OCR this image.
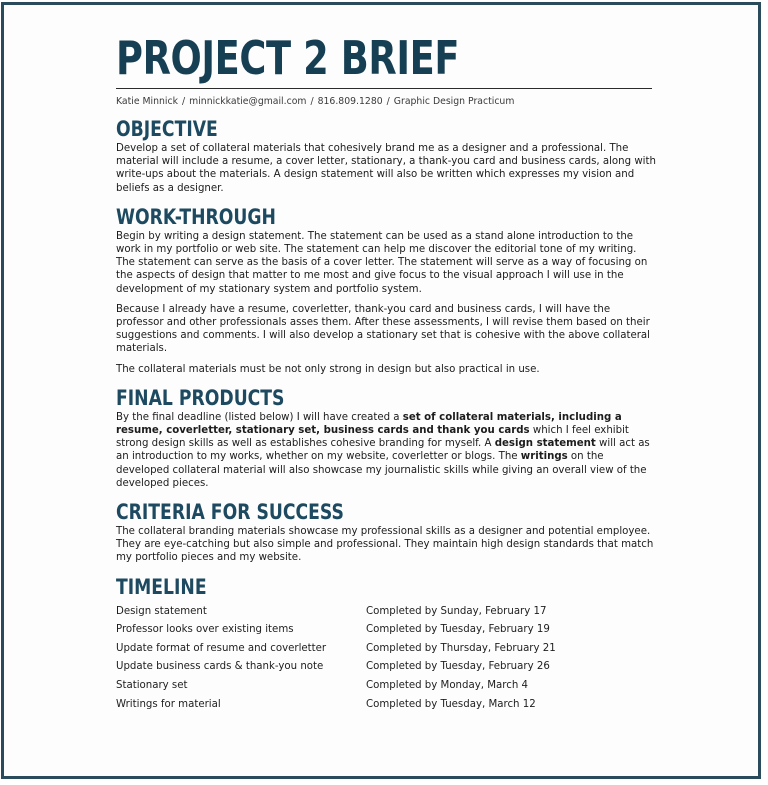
PROJECT 2 BRIEF
Katie Minnick / minnickkatie@gmail.com / 816.809.1280 / Graphic Design Practicum
OBJECTIVE

Develop a set of collateral materials that cohesively brand me as a designer and a professional. The material will include a resume, a cover letter, stationary, a thank-you card and business cards, along with write-ups about the materials. A design statement will also be written which expresses my vision and beliefs as a designer.

WORK-THROUGH

Begin by writing a design statement. The statement can be used as a stand alone introduction to the work in my portfolio or web site. The statement can help me discover the editorial tone of my writing. The statement can serve as the basis of a cover letter. The statement will serve as a way of focusing on the aspects of design that matter to me most and give focus to the visual approach I will use in the development of my stationary system and portfolio system.

Because I already have a resume, coverletter, thank-you card and business cards, I will have the professor and other professionals asses them. After these assessments, I will revise them based on their suggestions and comments. I will also develop a stationary set that is cohesive with the above collateral materials.

The collateral materials must be not only strong in design but also practical in use.

FINAL PRODUCTS

By the final deadline (listed below) I will have created a set of collateral materials, including a resume, coverletter, stationary set, business cards and thank you cards which I feel exhibit strong design skills as well as establishes cohesive branding for myself. A design statement will act as an introduction to my works, whether on my website, coverletter or blogs. The writings on the developed collateral material will also showcase my journalistic skills while giving an overall view of the developed pieces.

CRITERIA FOR SUCCESS

The collateral branding materials showcase my professional skills as a designer and potential employee. They are eye-catching but also simple and professional. They maintain high design standards that match my portfolio pieces and my website.

TIMELINE
Design statement	Completed by Sunday, February 17
Professor looks over existing items	Completed by Tuesday, February 19
Update format of resume and coverletter	Completed by Thursday, February 21
Update business cards & thank-you note	Completed by Tuesday, February 26
Stationary set	Completed by Monday, March 4
Writings for material	Completed by Tuesday, March 12
